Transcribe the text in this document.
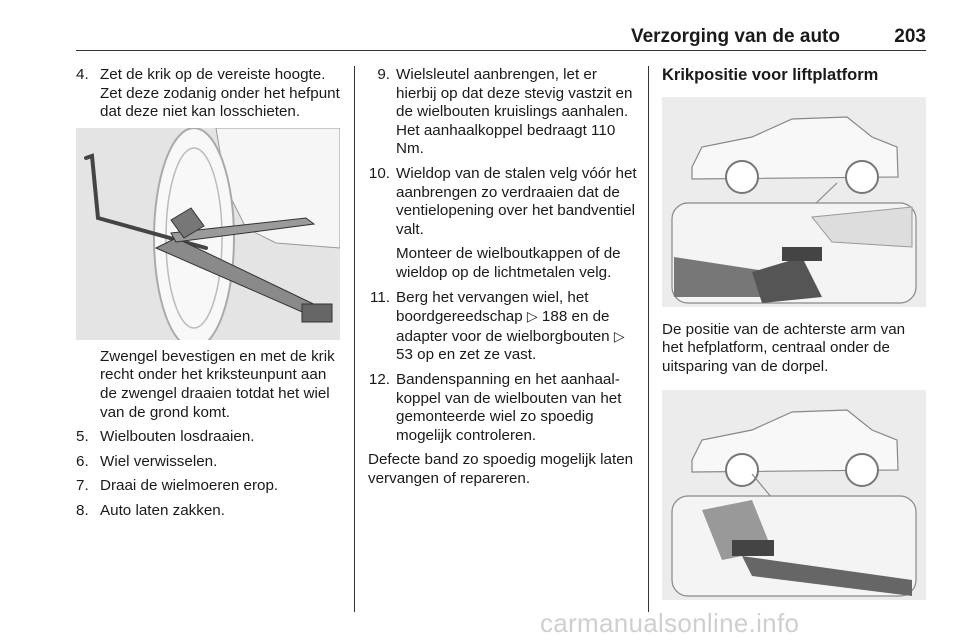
Verzorging van de auto	203
4. Zet de krik op de vereiste hoogte. Zet deze zodanig onder het hefpunt dat deze niet kan losschieten.
Zwengel bevestigen en met de krik recht onder het kriksteunpunt aan de zwengel draaien totdat het wiel van de grond komt.
5. Wielbouten losdraaien.
6. Wiel verwisselen.
7. Draai de wielmoeren erop.
8. Auto laten zakken.
9. Wielsleutel aanbrengen, let er hierbij op dat deze stevig vastzit en de wielbouten kruislings aanhalen. Het aanhaalkoppel bedraagt 110 Nm.
10. Wieldop van de stalen velg vóór het aanbrengen zo verdraaien dat de ventielopening over het bandventiel valt.
Monteer de wielboutkappen of de wieldop op de lichtmetalen velg.
11. Berg het vervangen wiel, het boordgereedschap ▷ 188 en de adapter voor de wielborgbouten ▷ 53 op en zet ze vast.
12. Bandenspanning en het aanhaalkoppel van de wielbouten van het gemonteerde wiel zo spoedig mogelijk controleren.
Defecte band zo spoedig mogelijk laten vervangen of repareren.
Krikpositie voor liftplatform
De positie van de achterste arm van het hefplatform, centraal onder de uitsparing van de dorpel.
carmanualsonline.info
